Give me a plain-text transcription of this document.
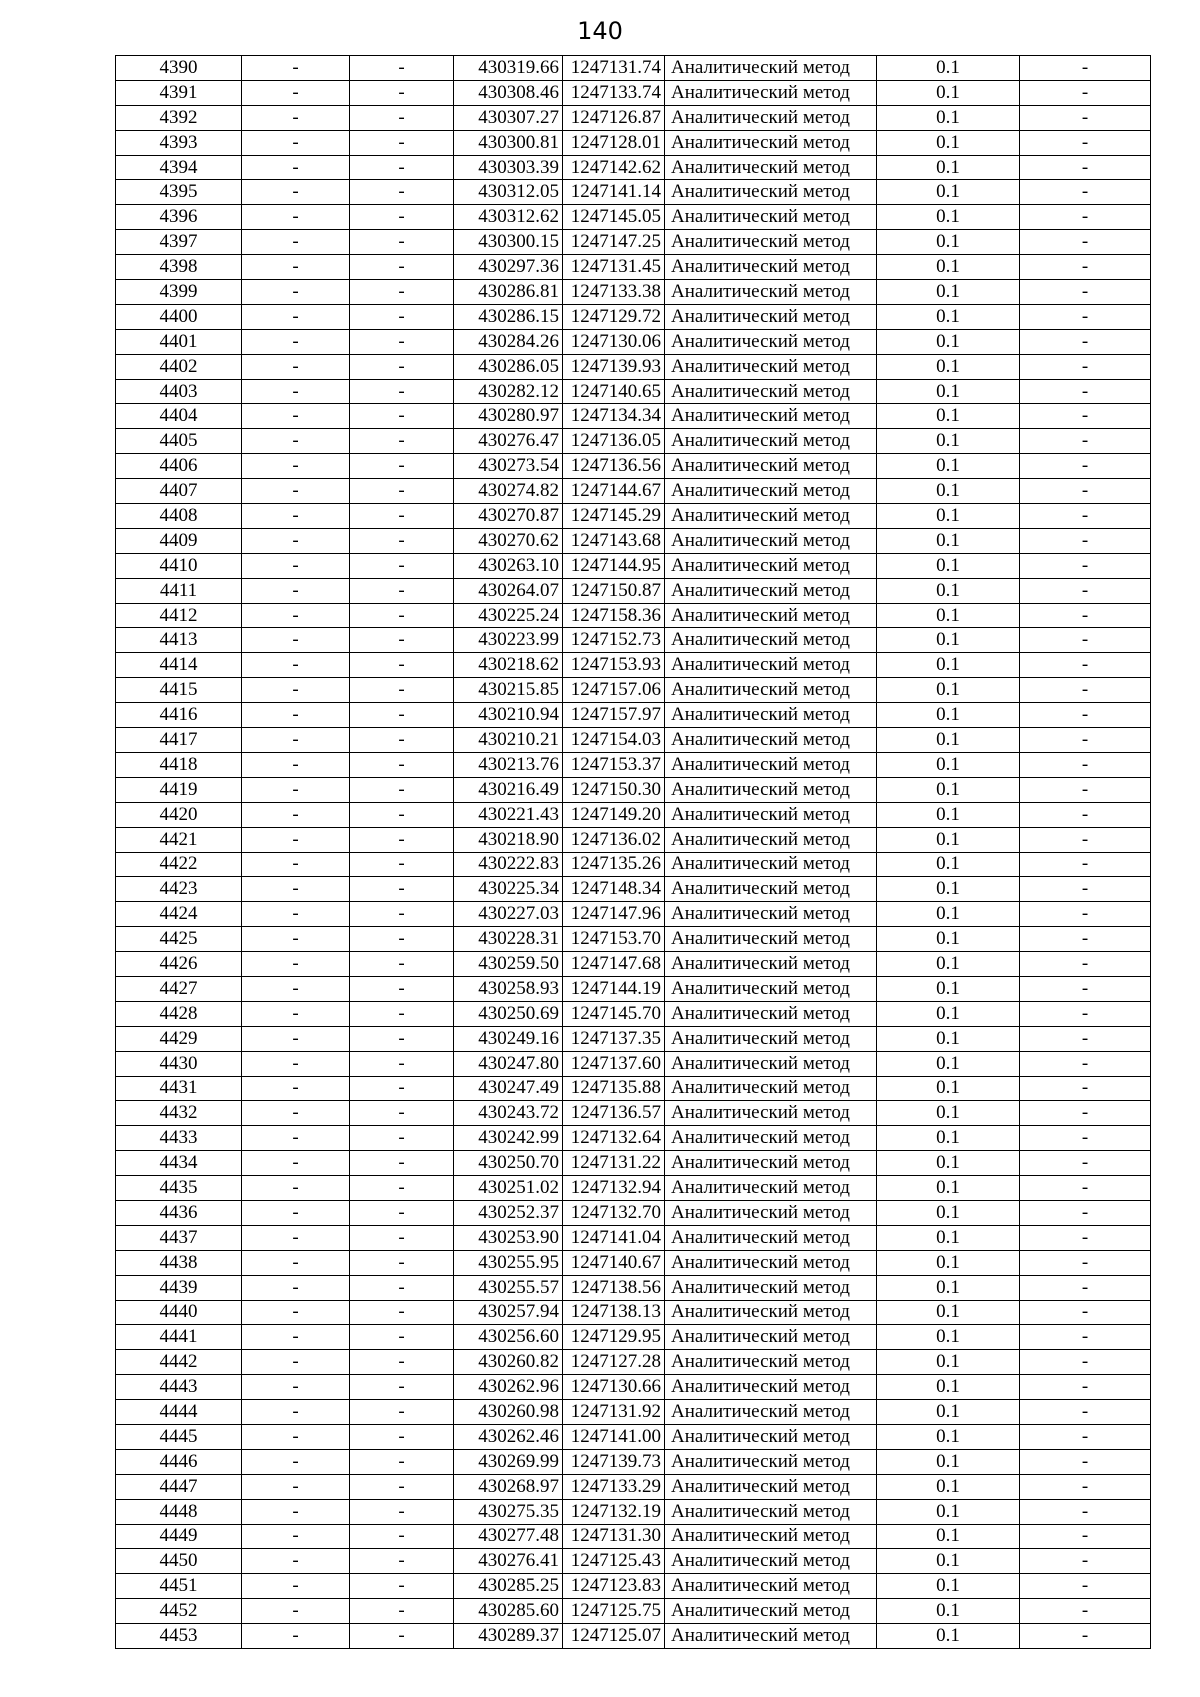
140
4390	-	-	430319.66	1247131.74	Аналитический метод	0.1	-
4391	-	-	430308.46	1247133.74	Аналитический метод	0.1	-
4392	-	-	430307.27	1247126.87	Аналитический метод	0.1	-
4393	-	-	430300.81	1247128.01	Аналитический метод	0.1	-
4394	-	-	430303.39	1247142.62	Аналитический метод	0.1	-
4395	-	-	430312.05	1247141.14	Аналитический метод	0.1	-
4396	-	-	430312.62	1247145.05	Аналитический метод	0.1	-
4397	-	-	430300.15	1247147.25	Аналитический метод	0.1	-
4398	-	-	430297.36	1247131.45	Аналитический метод	0.1	-
4399	-	-	430286.81	1247133.38	Аналитический метод	0.1	-
4400	-	-	430286.15	1247129.72	Аналитический метод	0.1	-
4401	-	-	430284.26	1247130.06	Аналитический метод	0.1	-
4402	-	-	430286.05	1247139.93	Аналитический метод	0.1	-
4403	-	-	430282.12	1247140.65	Аналитический метод	0.1	-
4404	-	-	430280.97	1247134.34	Аналитический метод	0.1	-
4405	-	-	430276.47	1247136.05	Аналитический метод	0.1	-
4406	-	-	430273.54	1247136.56	Аналитический метод	0.1	-
4407	-	-	430274.82	1247144.67	Аналитический метод	0.1	-
4408	-	-	430270.87	1247145.29	Аналитический метод	0.1	-
4409	-	-	430270.62	1247143.68	Аналитический метод	0.1	-
4410	-	-	430263.10	1247144.95	Аналитический метод	0.1	-
4411	-	-	430264.07	1247150.87	Аналитический метод	0.1	-
4412	-	-	430225.24	1247158.36	Аналитический метод	0.1	-
4413	-	-	430223.99	1247152.73	Аналитический метод	0.1	-
4414	-	-	430218.62	1247153.93	Аналитический метод	0.1	-
4415	-	-	430215.85	1247157.06	Аналитический метод	0.1	-
4416	-	-	430210.94	1247157.97	Аналитический метод	0.1	-
4417	-	-	430210.21	1247154.03	Аналитический метод	0.1	-
4418	-	-	430213.76	1247153.37	Аналитический метод	0.1	-
4419	-	-	430216.49	1247150.30	Аналитический метод	0.1	-
4420	-	-	430221.43	1247149.20	Аналитический метод	0.1	-
4421	-	-	430218.90	1247136.02	Аналитический метод	0.1	-
4422	-	-	430222.83	1247135.26	Аналитический метод	0.1	-
4423	-	-	430225.34	1247148.34	Аналитический метод	0.1	-
4424	-	-	430227.03	1247147.96	Аналитический метод	0.1	-
4425	-	-	430228.31	1247153.70	Аналитический метод	0.1	-
4426	-	-	430259.50	1247147.68	Аналитический метод	0.1	-
4427	-	-	430258.93	1247144.19	Аналитический метод	0.1	-
4428	-	-	430250.69	1247145.70	Аналитический метод	0.1	-
4429	-	-	430249.16	1247137.35	Аналитический метод	0.1	-
4430	-	-	430247.80	1247137.60	Аналитический метод	0.1	-
4431	-	-	430247.49	1247135.88	Аналитический метод	0.1	-
4432	-	-	430243.72	1247136.57	Аналитический метод	0.1	-
4433	-	-	430242.99	1247132.64	Аналитический метод	0.1	-
4434	-	-	430250.70	1247131.22	Аналитический метод	0.1	-
4435	-	-	430251.02	1247132.94	Аналитический метод	0.1	-
4436	-	-	430252.37	1247132.70	Аналитический метод	0.1	-
4437	-	-	430253.90	1247141.04	Аналитический метод	0.1	-
4438	-	-	430255.95	1247140.67	Аналитический метод	0.1	-
4439	-	-	430255.57	1247138.56	Аналитический метод	0.1	-
4440	-	-	430257.94	1247138.13	Аналитический метод	0.1	-
4441	-	-	430256.60	1247129.95	Аналитический метод	0.1	-
4442	-	-	430260.82	1247127.28	Аналитический метод	0.1	-
4443	-	-	430262.96	1247130.66	Аналитический метод	0.1	-
4444	-	-	430260.98	1247131.92	Аналитический метод	0.1	-
4445	-	-	430262.46	1247141.00	Аналитический метод	0.1	-
4446	-	-	430269.99	1247139.73	Аналитический метод	0.1	-
4447	-	-	430268.97	1247133.29	Аналитический метод	0.1	-
4448	-	-	430275.35	1247132.19	Аналитический метод	0.1	-
4449	-	-	430277.48	1247131.30	Аналитический метод	0.1	-
4450	-	-	430276.41	1247125.43	Аналитический метод	0.1	-
4451	-	-	430285.25	1247123.83	Аналитический метод	0.1	-
4452	-	-	430285.60	1247125.75	Аналитический метод	0.1	-
4453	-	-	430289.37	1247125.07	Аналитический метод	0.1	-
